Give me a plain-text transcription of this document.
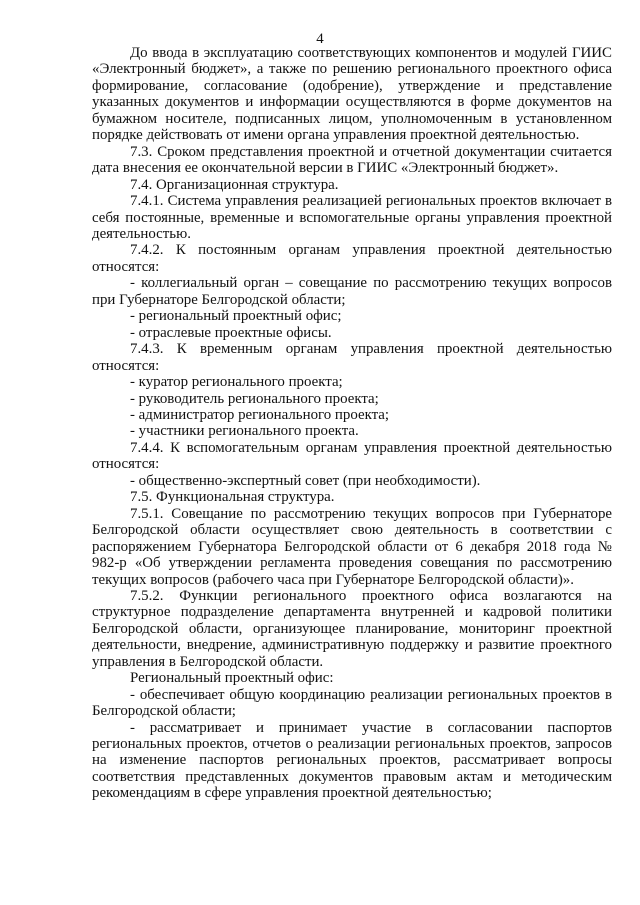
4

До ввода в эксплуатацию соответствующих компонентов и модулей ГИИС «Электронный бюджет», а также по решению регионального проектного офиса формирование, согласование (одобрение), утверждение и представление указанных документов и информации осуществляются в форме документов на бумажном носителе, подписанных лицом, уполномоченным в установленном порядке действовать от имени органа управления проектной деятельностью.

7.3. Сроком представления проектной и отчетной документации считается дата внесения ее окончательной версии в ГИИС «Электронный бюджет».

7.4. Организационная структура.

7.4.1. Система управления реализацией региональных проектов включает в себя постоянные, временные и вспомогательные органы управления проектной деятельностью.

7.4.2. К постоянным органам управления проектной деятельностью относятся:

- коллегиальный орган – совещание по рассмотрению текущих вопросов при Губернаторе Белгородской области;

- региональный проектный офис;

- отраслевые проектные офисы.

7.4.3. К временным органам управления проектной деятельностью относятся:

- куратор регионального проекта;

- руководитель регионального проекта;

- администратор регионального проекта;

- участники регионального проекта.

7.4.4. К вспомогательным органам управления проектной деятельностью относятся:

- общественно-экспертный совет (при необходимости).

7.5. Функциональная структура.

7.5.1. Совещание по рассмотрению текущих вопросов при Губернаторе Белгородской области осуществляет свою деятельность в соответствии с распоряжением Губернатора Белгородской области от 6 декабря 2018 года № 982-р «Об утверждении регламента проведения совещания по рассмотрению текущих вопросов (рабочего часа при Губернаторе Белгородской области)».

7.5.2. Функции регионального проектного офиса возлагаются на структурное подразделение департамента внутренней и кадровой политики Белгородской области, организующее планирование, мониторинг проектной деятельности, внедрение, административную поддержку и развитие проектного управления в Белгородской области.

Региональный проектный офис:

- обеспечивает общую координацию реализации региональных проектов в Белгородской области;

- рассматривает и принимает участие в согласовании паспортов региональных проектов, отчетов о реализации региональных проектов, запросов на изменение паспортов региональных проектов, рассматривает вопросы соответствия представленных документов правовым актам и методическим рекомендациям в сфере управления проектной деятельностью;
